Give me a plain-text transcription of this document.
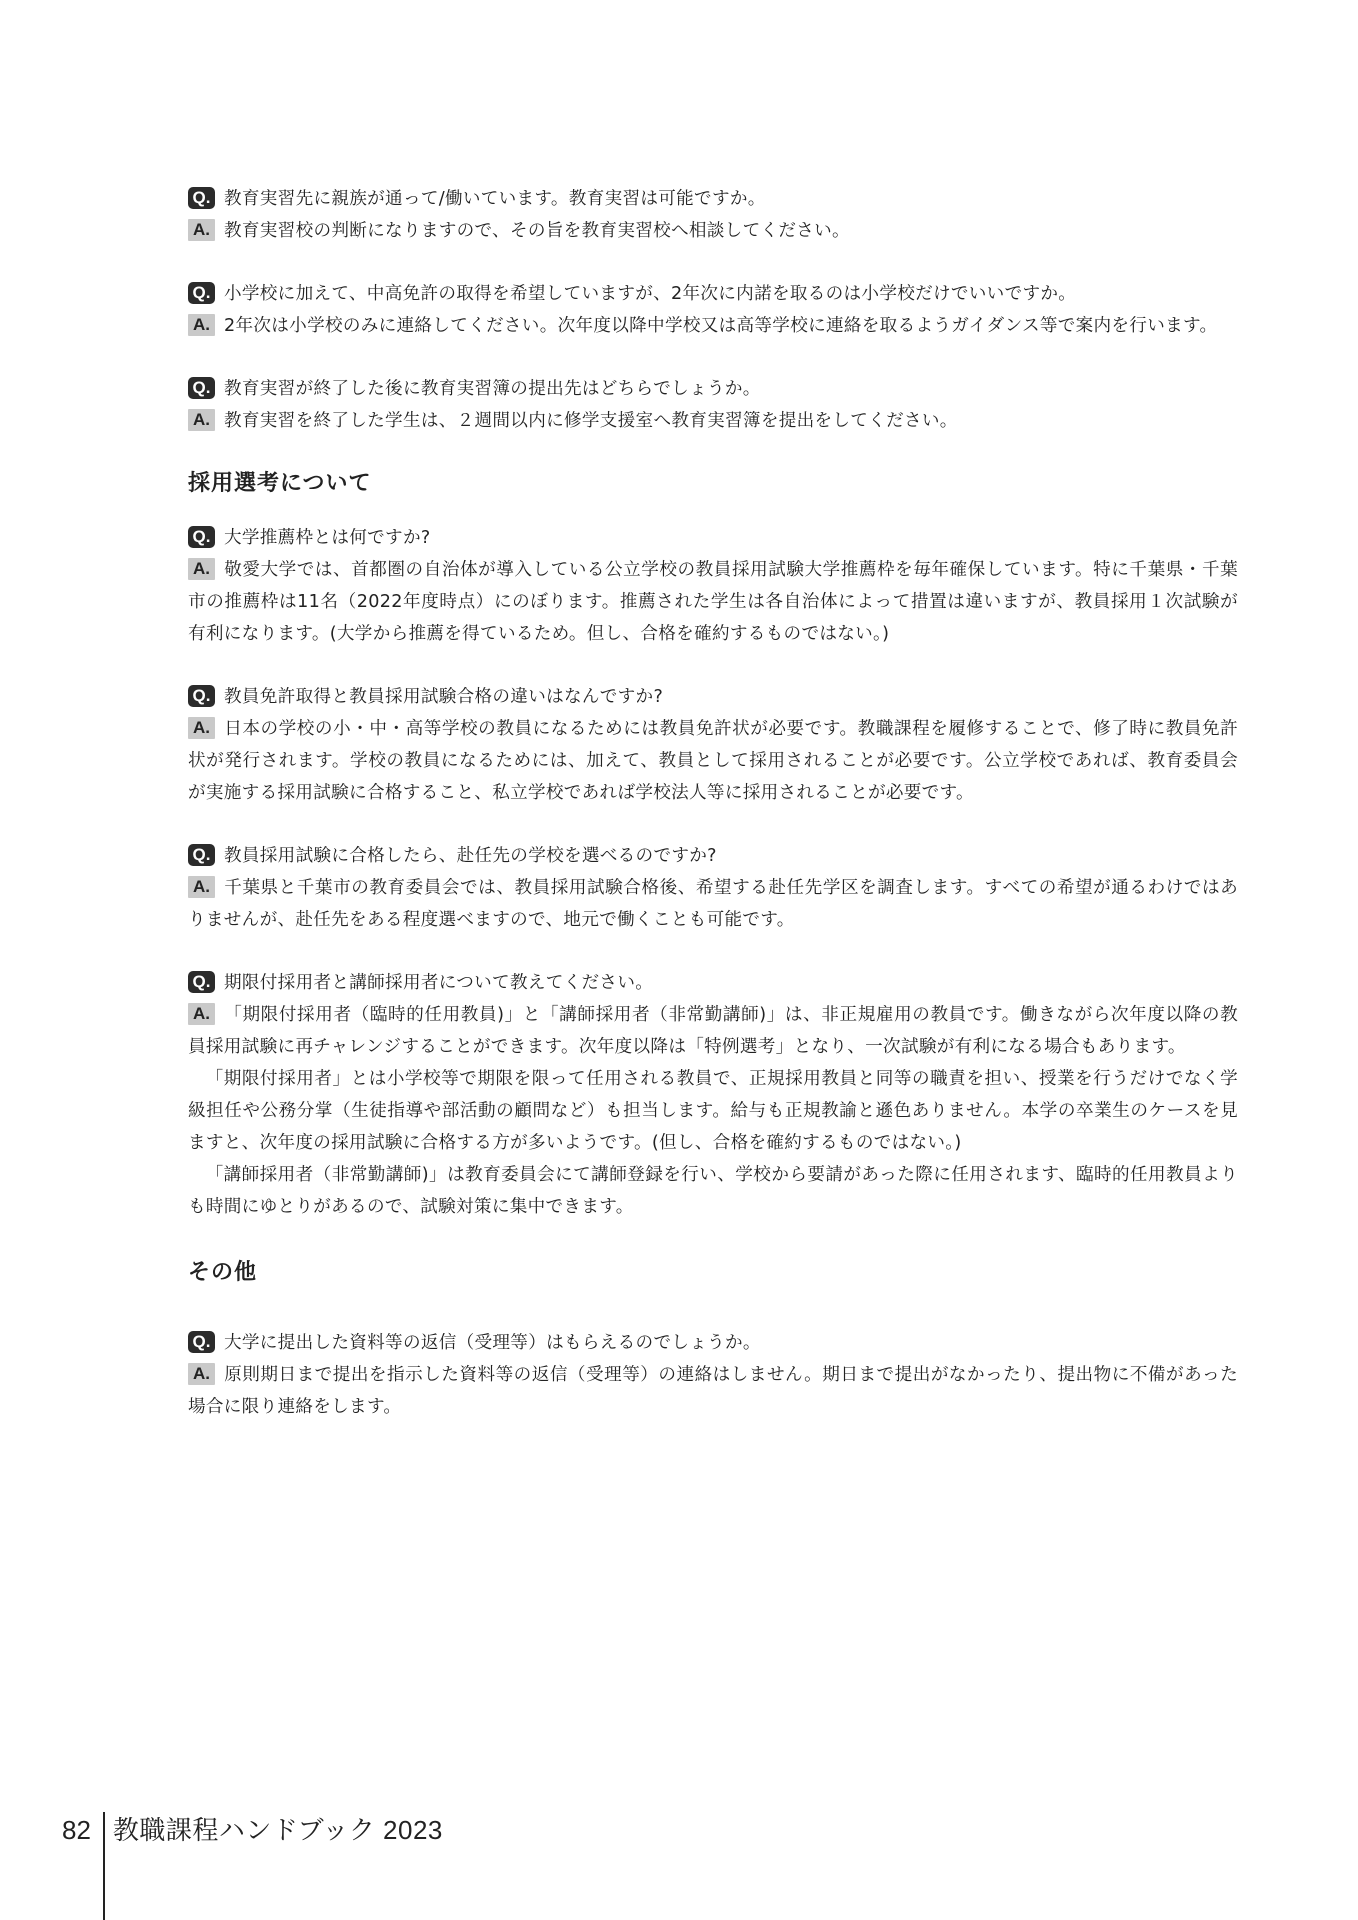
Q. 教育実習先に親族が通って/働いています。教育実習は可能ですか。
A. 教育実習校の判断になりますので、その旨を教育実習校へ相談してください。
Q. 小学校に加えて、中高免許の取得を希望していますが、2年次に内諾を取るのは小学校だけでいいですか。
A. 2年次は小学校のみに連絡してください。次年度以降中学校又は高等学校に連絡を取るようガイダンス等で案内を行います。
Q. 教育実習が終了した後に教育実習簿の提出先はどちらでしょうか。
A. 教育実習を終了した学生は、２週間以内に修学支援室へ教育実習簿を提出をしてください。
採用選考について
Q. 大学推薦枠とは何ですか?
A. 敬愛大学では、首都圏の自治体が導入している公立学校の教員採用試験大学推薦枠を毎年確保しています。特に千葉県・千葉市の推薦枠は11名（2022年度時点）にのぼります。推薦された学生は各自治体によって措置は違いますが、教員採用１次試験が有利になります。(大学から推薦を得ているため。但し、合格を確約するものではない。)
Q. 教員免許取得と教員採用試験合格の違いはなんですか?
A. 日本の学校の小・中・高等学校の教員になるためには教員免許状が必要です。教職課程を履修することで、修了時に教員免許状が発行されます。学校の教員になるためには、加えて、教員として採用されることが必要です。公立学校であれば、教育委員会が実施する採用試験に合格すること、私立学校であれば学校法人等に採用されることが必要です。
Q. 教員採用試験に合格したら、赴任先の学校を選べるのですか?
A. 千葉県と千葉市の教育委員会では、教員採用試験合格後、希望する赴任先学区を調査します。すべての希望が通るわけではありませんが、赴任先をある程度選べますので、地元で働くことも可能です。
Q. 期限付採用者と講師採用者について教えてください。
A. 「期限付採用者（臨時的任用教員)」と「講師採用者（非常勤講師)」は、非正規雇用の教員です。働きながら次年度以降の教員採用試験に再チャレンジすることができます。次年度以降は「特例選考」となり、一次試験が有利になる場合もあります。
「期限付採用者」とは小学校等で期限を限って任用される教員で、正規採用教員と同等の職責を担い、授業を行うだけでなく学級担任や公務分掌（生徒指導や部活動の顧問など）も担当します。給与も正規教諭と遜色ありません。本学の卒業生のケースを見ますと、次年度の採用試験に合格する方が多いようです。(但し、合格を確約するものではない。)
「講師採用者（非常勤講師)」は教育委員会にて講師登録を行い、学校から要請があった際に任用されます、臨時的任用教員よりも時間にゆとりがあるので、試験対策に集中できます。
その他
Q. 大学に提出した資料等の返信（受理等）はもらえるのでしょうか。
A. 原則期日まで提出を指示した資料等の返信（受理等）の連絡はしません。期日まで提出がなかったり、提出物に不備があった場合に限り連絡をします。
82 教職課程ハンドブック 2023
